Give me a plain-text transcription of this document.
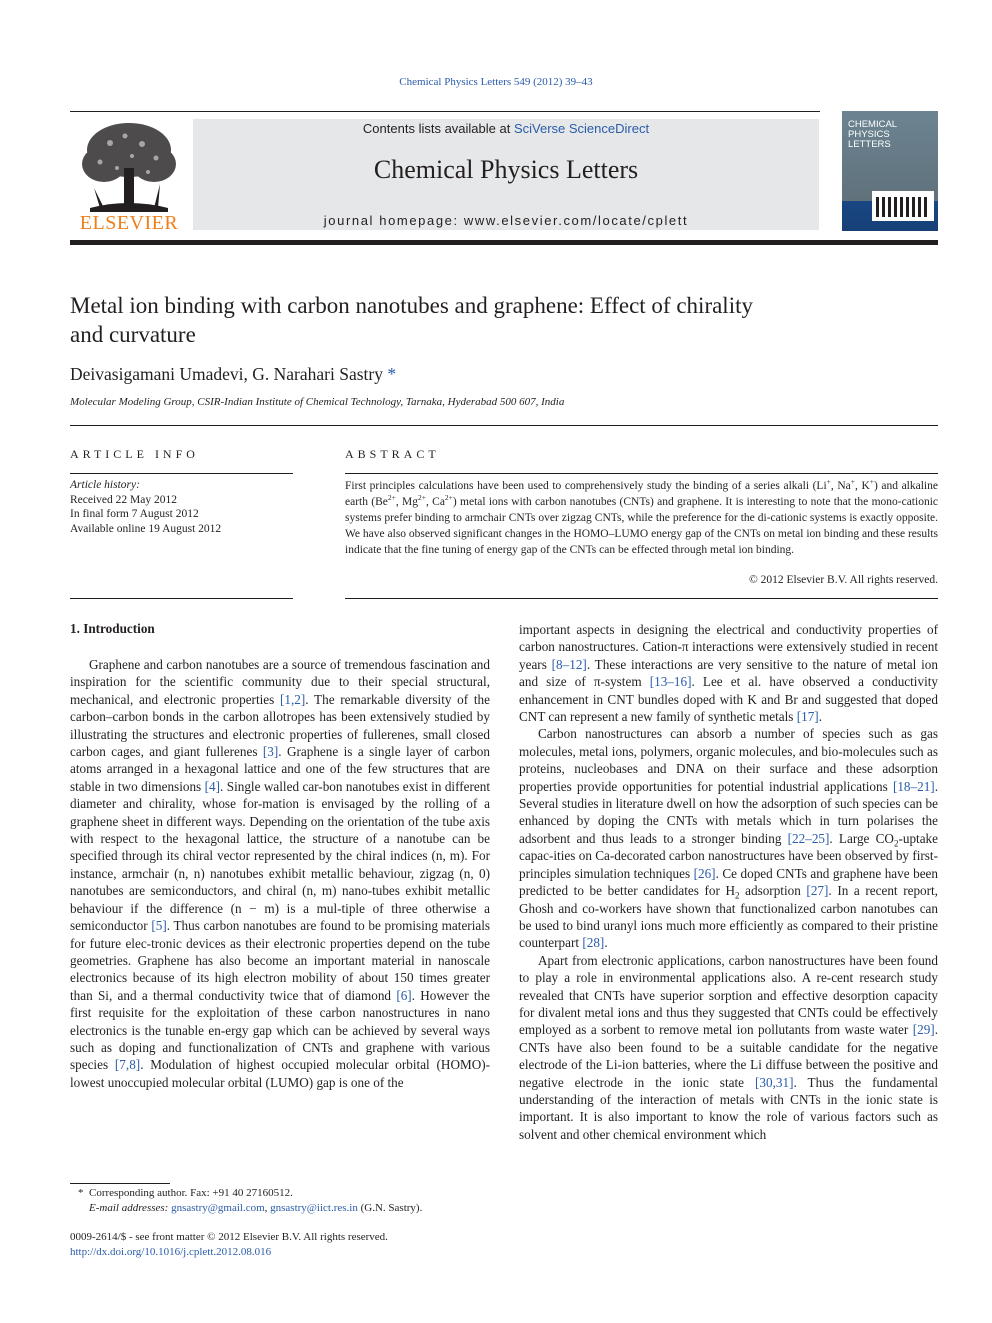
Chemical Physics Letters 549 (2012) 39–43
ELSEVIER
Contents lists available at SciVerse ScienceDirect
Chemical Physics Letters
journal homepage: www.elsevier.com/locate/cplett
CHEMICAL
PHYSICS
LETTERS
Metal ion binding with carbon nanotubes and graphene: Effect of chirality
and curvature
Deivasigamani Umadevi, G. Narahari Sastry *
Molecular Modeling Group, CSIR-Indian Institute of Chemical Technology, Tarnaka, Hyderabad 500 607, India
ARTICLE INFO	ABSTRACT
Article history:
Received 22 May 2012
In final form 7 August 2012
Available online 19 August 2012
First principles calculations have been used to comprehensively study the binding of a series alkali (Li+, Na+, K+) and alkaline earth ($Be^{2+}$, $Mg^{2+}$, $Ca^{2+}$) metal ions with carbon nanotubes (CNTs) and graphene. It is interesting to note that the mono-cationic systems prefer binding to armchair CNTs over zigzag CNTs, while the preference for the di-cationic systems is exactly opposite. We have also observed significant changes in the HOMO–LUMO energy gap of the CNTs on metal ion binding and these results indicate that the fine tuning of energy gap of the CNTs can be effected through metal ion binding.
© 2012 Elsevier B.V. All rights reserved.
1. Introduction

Graphene and carbon nanotubes are a source of tremendous fascination and inspiration for the scientific community due to their special structural, mechanical, and electronic properties [1,2]. The remarkable diversity of the carbon–carbon bonds in the carbon allotropes has been extensively studied by illustrating the structures and electronic properties of fullerenes, small closed carbon cages, and giant fullerenes [3]. Graphene is a single layer of carbon atoms arranged in a hexagonal lattice and one of the few structures that are stable in two dimensions [4]. Single walled car-bon nanotubes exist in different diameter and chirality, whose for-mation is envisaged by the rolling of a graphene sheet in different ways. Depending on the orientation of the tube axis with respect to the hexagonal lattice, the structure of a nanotube can be specified through its chiral vector represented by the chiral indices (n, m). For instance, armchair (n, n) nanotubes exhibit metallic behaviour, zigzag (n, 0) nanotubes are semiconductors, and chiral (n, m) nano-tubes exhibit metallic behaviour if the difference (n − m) is a mul-tiple of three otherwise a semiconductor [5]. Thus carbon nanotubes are found to be promising materials for future elec-tronic devices as their electronic properties depend on the tube geometries. Graphene has also become an important material in nanoscale electronics because of its high electron mobility of about 150 times greater than Si, and a thermal conductivity twice that of diamond [6]. However the first requisite for the exploitation of these carbon nanostructures in nano electronics is the tunable en-ergy gap which can be achieved by several ways such as doping and functionalization of CNTs and graphene with various species [7,8]. Modulation of highest occupied molecular orbital (HOMO)-lowest unoccupied molecular orbital (LUMO) gap is one of the

important aspects in designing the electrical and conductivity properties of carbon nanostructures. Cation-π interactions were extensively studied in recent years [8–12]. These interactions are very sensitive to the nature of metal ion and size of π-system [13–16]. Lee et al. have observed a conductivity enhancement in CNT bundles doped with K and Br and suggested that doped CNT can represent a new family of synthetic metals [17].

Carbon nanostructures can absorb a number of species such as gas molecules, metal ions, polymers, organic molecules, and bio-molecules such as proteins, nucleobases and DNA on their surface and these adsorption properties provide opportunities for potential industrial applications [18–21]. Several studies in literature dwell on how the adsorption of such species can be enhanced by doping the CNTs with metals which in turn polarises the adsorbent and thus leads to a stronger binding [22–25]. Large $CO_2$-uptake capac-ities on Ca-decorated carbon nanostructures have been observed by first-principles simulation techniques [26]. Ce doped CNTs and graphene have been predicted to be better candidates for $H_2$ adsorption [27]. In a recent report, Ghosh and co-workers have shown that functionalized carbon nanotubes can be used to bind uranyl ions much more efficiently as compared to their pristine counterpart [28].

Apart from electronic applications, carbon nanostructures have been found to play a role in environmental applications also. A re-cent research study revealed that CNTs have superior sorption and effective desorption capacity for divalent metal ions and thus they suggested that CNTs could be effectively employed as a sorbent to remove metal ion pollutants from waste water [29]. CNTs have also been found to be a suitable candidate for the negative electrode of the Li-ion batteries, where the Li diffuse between the positive and negative electrode in the ionic state [30,31]. Thus the fundamental understanding of the interaction of metals with CNTs in the ionic state is important. It is also important to know the role of various factors such as solvent and other chemical environment which

* Corresponding author. Fax: +91 40 27160512.
E-mail addresses: gnsastry@gmail.com, gnsastry@iict.res.in (G.N. Sastry).
0009-2614/$ - see front matter © 2012 Elsevier B.V. All rights reserved.
http://dx.doi.org/10.1016/j.cplett.2012.08.016
